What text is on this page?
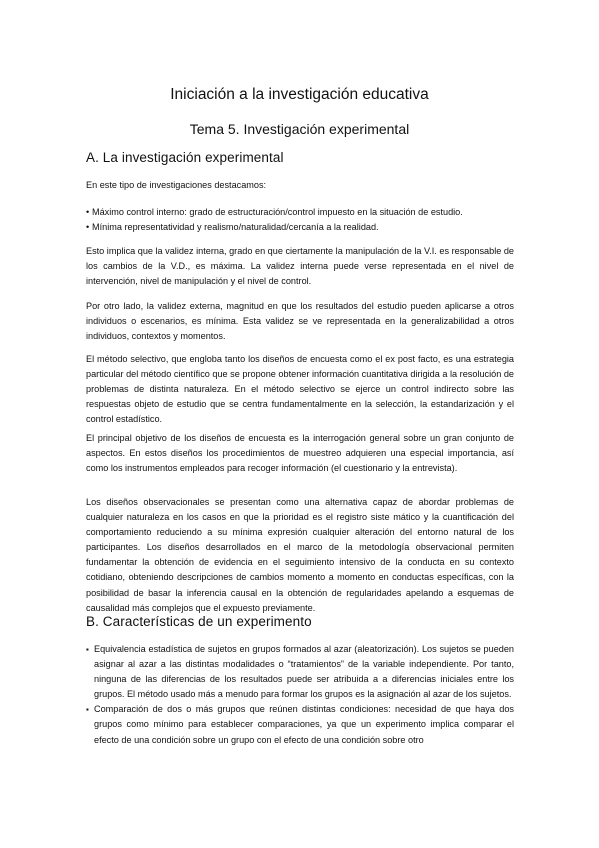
Iniciación a la investigación educativa
Tema 5. Investigación experimental
A. La investigación experimental
En este tipo de investigaciones destacamos:
• Máximo control interno: grado de estructuración/control impuesto en la situación de estudio.
• Mínima representatividad y realismo/naturalidad/cercanía a la realidad.
Esto implica que la validez interna, grado en que ciertamente la manipulación de la V.I. es responsable de los cambios de la V.D., es máxima. La validez interna puede verse representada en el nivel de intervención, nivel de manipulación y el nivel de control.
Por otro lado, la validez externa, magnitud en que los resultados del estudio pueden aplicarse a otros individuos o escenarios, es mínima. Esta validez se ve representada en la generalizabilidad a otros individuos, contextos y momentos.
El método selectivo, que engloba tanto los diseños de encuesta como el ex post facto, es una estrategia particular del método científico que se propone obtener información cuantitativa dirigida a la resolución de problemas de distinta naturaleza. En el método selectivo se ejerce un control indirecto sobre las respuestas objeto de estudio que se centra fundamentalmente en la selección, la estandarización y el control estadístico.
El principal objetivo de los diseños de encuesta es la interrogación general sobre un gran conjunto de aspectos. En estos diseños los procedimientos de muestreo adquieren una especial importancia, así como los instrumentos empleados para recoger información (el cuestionario y la entrevista).
Los diseños observacionales se presentan como una alternativa capaz de abordar problemas de cualquier naturaleza en los casos en que la prioridad es el registro siste mático y la cuantificación del comportamiento reduciendo a su mínima expresión cualquier alteración del entorno natural de los participantes. Los diseños desarrollados en el marco de la metodología observacional permiten fundamentar la obtención de evidencia en el seguimiento intensivo de la conducta en su contexto cotidiano, obteniendo descripciones de cambios momento a momento en conductas específicas, con la posibilidad de basar la inferencia causal en la obtención de regularidades apelando a esquemas de causalidad más complejos que el expuesto previamente.
B. Características de un experimento
▪ Equivalencia estadística de sujetos en grupos formados al azar (aleatorización). Los sujetos se pueden asignar al azar a las distintas modalidades o “tratamientos” de la variable independiente. Por tanto, ninguna de las diferencias de los resultados puede ser atribuida a a diferencias iniciales entre los grupos. El método usado más a menudo para formar los grupos es la asignación al azar de los sujetos.
▪ Comparación de dos o más grupos que reúnen distintas condiciones: necesidad de que haya dos grupos como mínimo para establecer comparaciones, ya que un experimento implica comparar el efecto de una condición sobre un grupo con el efecto de una condición sobre otro
